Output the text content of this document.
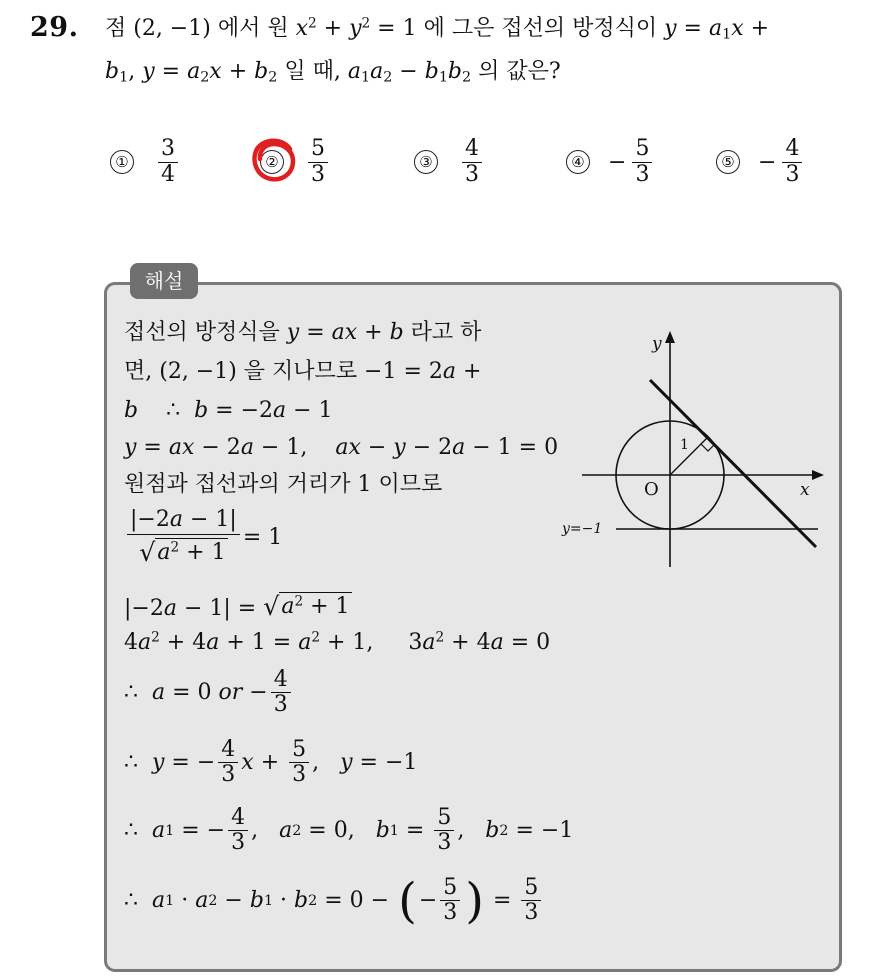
29. 점 (2, −1) 에서 원 $x^2 + y^2 = 1$ 에 그은 접선의 방정식이 $y = a_1x$ +
$b_1$, $y = a_2x + b_2$ 일 때, $a_1a_2 - b_1b_2$ 의 값은?
① $\frac{3}{4}$	② $\frac{5}{3}$	③ $\frac{4}{3}$	④ − $\frac{5}{3}$	⑤ − $\frac{4}{3}$
해설
접선의 방정식을 y = ax + b 라고 하
면, (2, −1) 을 지나므로 −1 = 2a +
b    ∴  b = −2a − 1
y = ax − 2a − 1,    ax − y − 2a − 1 = 0
원점과 접선과의 거리가 1 이므로
$\frac{|-2a - 1|}{√ a^2 + 1} = 1$
|−2a − 1| = √ $a^2 + 1$
$4a^2 + 4a + 1 = a^2 + 1$,     $3a^2 + 4a = 0$
∴ a = 0 or − $\frac{4}{3}$
∴ y = − $\frac{4}{3}$ $x + \frac{5}{3}$ , y = −1
∴ a 1 = − $\frac{4}{3}$ , a 2 = 0, b $1 = \frac{5}{3}$ , b 2 = −1
∴ a 1 · a 2 − b 1 · b 2 = 0 − ( − $\frac{5}{3}$ ) = $\frac{5}{3}$
y
x
O
1
y=−1
